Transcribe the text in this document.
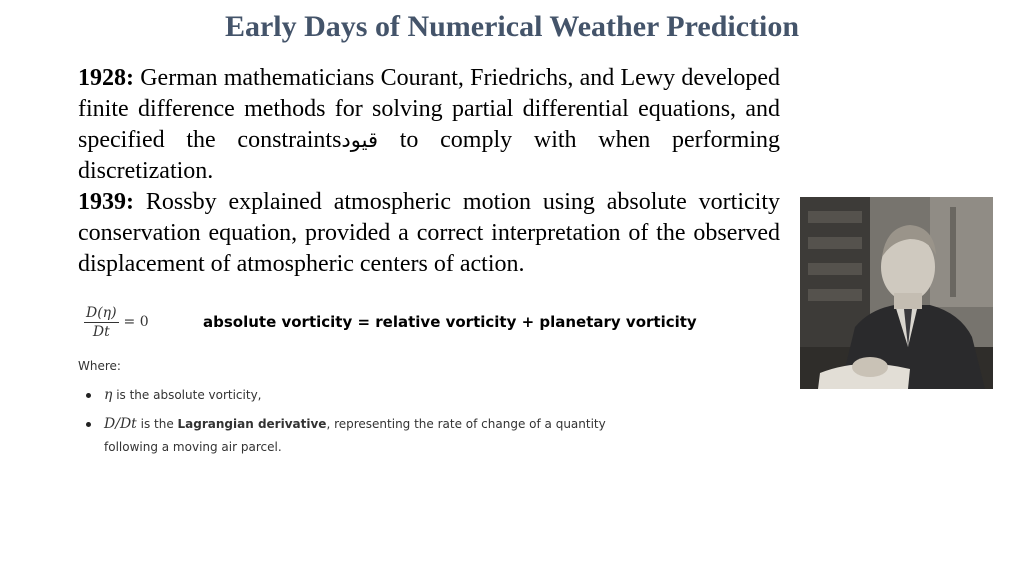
Early Days of Numerical Weather Prediction

1928: German mathematicians Courant, Friedrichs, and Lewy developed finite difference methods for solving partial differential equations, and specified the constraintsقيود to comply with when performing discretization.

1939: Rossby explained atmospheric motion using absolute vorticity conservation equation, provided a correct interpretation of the observed displacement of atmospheric centers of action.

$\frac{D(\eta)}{Dt} = 0$	absolute vorticity = relative vorticity + planetary vorticity
Where:
η is the absolute vorticity,
D/Dt is the Lagrangian derivative, representing the rate of change of a quantity following a moving air parcel.
